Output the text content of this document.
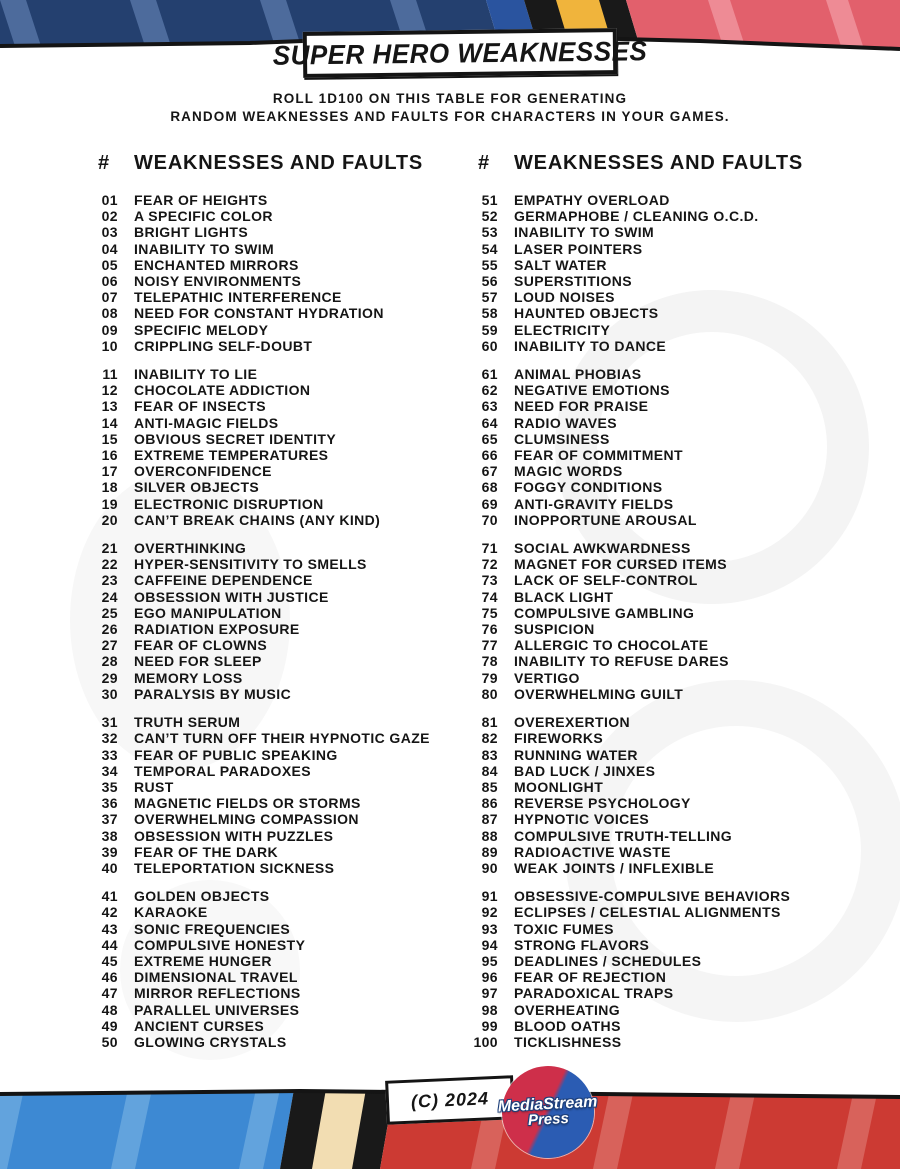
SUPER HERO WEAKNESSES
ROLL 1D100 ON THIS TABLE FOR GENERATING
RANDOM WEAKNESSES AND FAULTS FOR CHARACTERS IN YOUR GAMES.
#	WEAKNESSES AND FAULTS
01 FEAR OF HEIGHTS
02 A SPECIFIC COLOR
03 BRIGHT LIGHTS
04 INABILITY TO SWIM
05 ENCHANTED MIRRORS
06 NOISY ENVIRONMENTS
07 TELEPATHIC INTERFERENCE
08 NEED FOR CONSTANT HYDRATION
09 SPECIFIC MELODY
10 CRIPPLING SELF-DOUBT
11 INABILITY TO LIE
12 CHOCOLATE ADDICTION
13 FEAR OF INSECTS
14 ANTI-MAGIC FIELDS
15 OBVIOUS SECRET IDENTITY
16 EXTREME TEMPERATURES
17 OVERCONFIDENCE
18 SILVER OBJECTS
19 ELECTRONIC DISRUPTION
20 CAN’T BREAK CHAINS (ANY KIND)
21 OVERTHINKING
22 HYPER-SENSITIVITY TO SMELLS
23 CAFFEINE DEPENDENCE
24 OBSESSION WITH JUSTICE
25 EGO MANIPULATION
26 RADIATION EXPOSURE
27 FEAR OF CLOWNS
28 NEED FOR SLEEP
29 MEMORY LOSS
30 PARALYSIS BY MUSIC
31 TRUTH SERUM
32 CAN’T TURN OFF THEIR HYPNOTIC GAZE
33 FEAR OF PUBLIC SPEAKING
34 TEMPORAL PARADOXES
35 RUST
36 MAGNETIC FIELDS OR STORMS
37 OVERWHELMING COMPASSION
38 OBSESSION WITH PUZZLES
39 FEAR OF THE DARK
40 TELEPORTATION SICKNESS
41 GOLDEN OBJECTS
42 KARAOKE
43 SONIC FREQUENCIES
44 COMPULSIVE HONESTY
45 EXTREME HUNGER
46 DIMENSIONAL TRAVEL
47 MIRROR REFLECTIONS
48 PARALLEL UNIVERSES
49 ANCIENT CURSES
50 GLOWING CRYSTALS
#	WEAKNESSES AND FAULTS
51 EMPATHY OVERLOAD
52 GERMAPHOBE / CLEANING O.C.D.
53 INABILITY TO SWIM
54 LASER POINTERS
55 SALT WATER
56 SUPERSTITIONS
57 LOUD NOISES
58 HAUNTED OBJECTS
59 ELECTRICITY
60 INABILITY TO DANCE
61 ANIMAL PHOBIAS
62 NEGATIVE EMOTIONS
63 NEED FOR PRAISE
64 RADIO WAVES
65 CLUMSINESS
66 FEAR OF COMMITMENT
67 MAGIC WORDS
68 FOGGY CONDITIONS
69 ANTI-GRAVITY FIELDS
70 INOPPORTUNE AROUSAL
71 SOCIAL AWKWARDNESS
72 MAGNET FOR CURSED ITEMS
73 LACK OF SELF-CONTROL
74 BLACK LIGHT
75 COMPULSIVE GAMBLING
76 SUSPICION
77 ALLERGIC TO CHOCOLATE
78 INABILITY TO REFUSE DARES
79 VERTIGO
80 OVERWHELMING GUILT
81 OVEREXERTION
82 FIREWORKS
83 RUNNING WATER
84 BAD LUCK / JINXES
85 MOONLIGHT
86 REVERSE PSYCHOLOGY
87 HYPNOTIC VOICES
88 COMPULSIVE TRUTH-TELLING
89 RADIOACTIVE WASTE
90 WEAK JOINTS / INFLEXIBLE
91 OBSESSIVE-COMPULSIVE BEHAVIORS
92 ECLIPSES / CELESTIAL ALIGNMENTS
93 TOXIC FUMES
94 STRONG FLAVORS
95 DEADLINES / SCHEDULES
96 FEAR OF REJECTION
97 PARADOXICAL TRAPS
98 OVERHEATING
99 BLOOD OATHS
100 TICKLISHNESS
(C) 2024 MediaStream
Press
